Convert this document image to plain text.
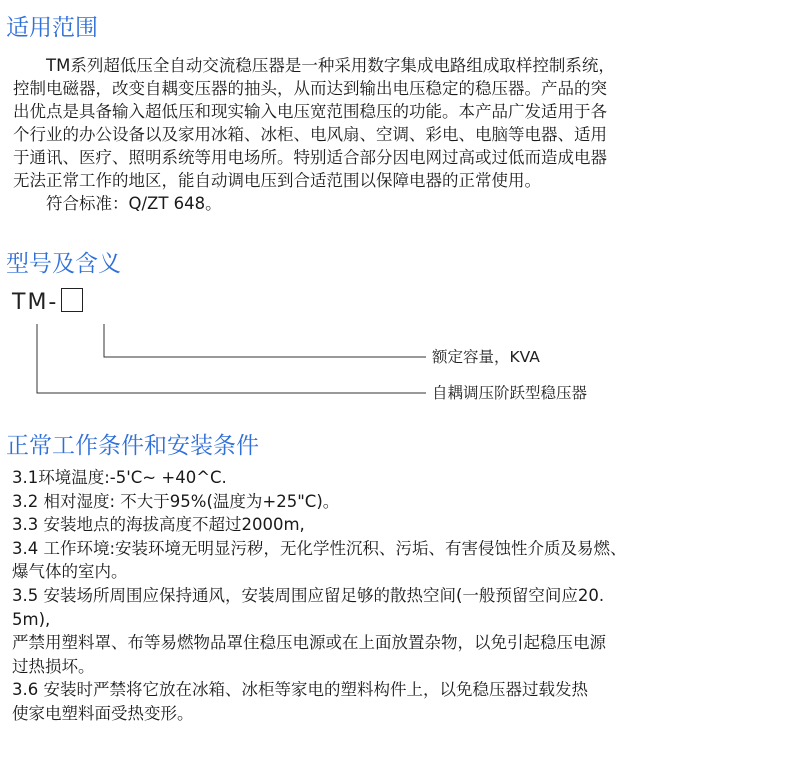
适用范围

　　TM系列超低压全自动交流稳压器是一种采用数字集成电路组成取样控制系统，

控制电磁器，改变自耦变压器的抽头，从而达到输出电压稳定的稳压器。产品的突

出优点是具备输入超低压和现实输入电压宽范围稳压的功能。本产品广发适用于各

个行业的办公设备以及家用冰箱、冰柜、电风扇、空调、彩电、电脑等电器、适用

于通讯、医疗、照明系统等用电场所。特别适合部分因电网过高或过低而造成电器

无法正常工作的地区，能自动调电压到合适范围以保障电器的正常使用。

　　符合标准：Q/ZT 648。

型号及含义
TM-
额定容量，KVA
自耦调压阶跃型稳压器
正常工作条件和安装条件

3.1环境温度:-5'C~ +40^C.

3.2 相对湿度: 不大于95%(温度为+25"C)。

3.3 安装地点的海拔高度不超过2000m,

3.4 工作环境:安装环境无明显污秽，无化学性沉积、污垢、有害侵蚀性介质及易燃、

爆气体的室内。

3.5 安装场所周围应保持通风，安装周围应留足够的散热空间(一般预留空间应20.

5m),

严禁用塑料罩、布等易燃物品罩住稳压电源或在上面放置杂物，以免引起稳压电源

过热损坏。

3.6 安装时严禁将它放在冰箱、冰柜等家电的塑料构件上，以免稳压器过载发热

使家电塑料面受热变形。
